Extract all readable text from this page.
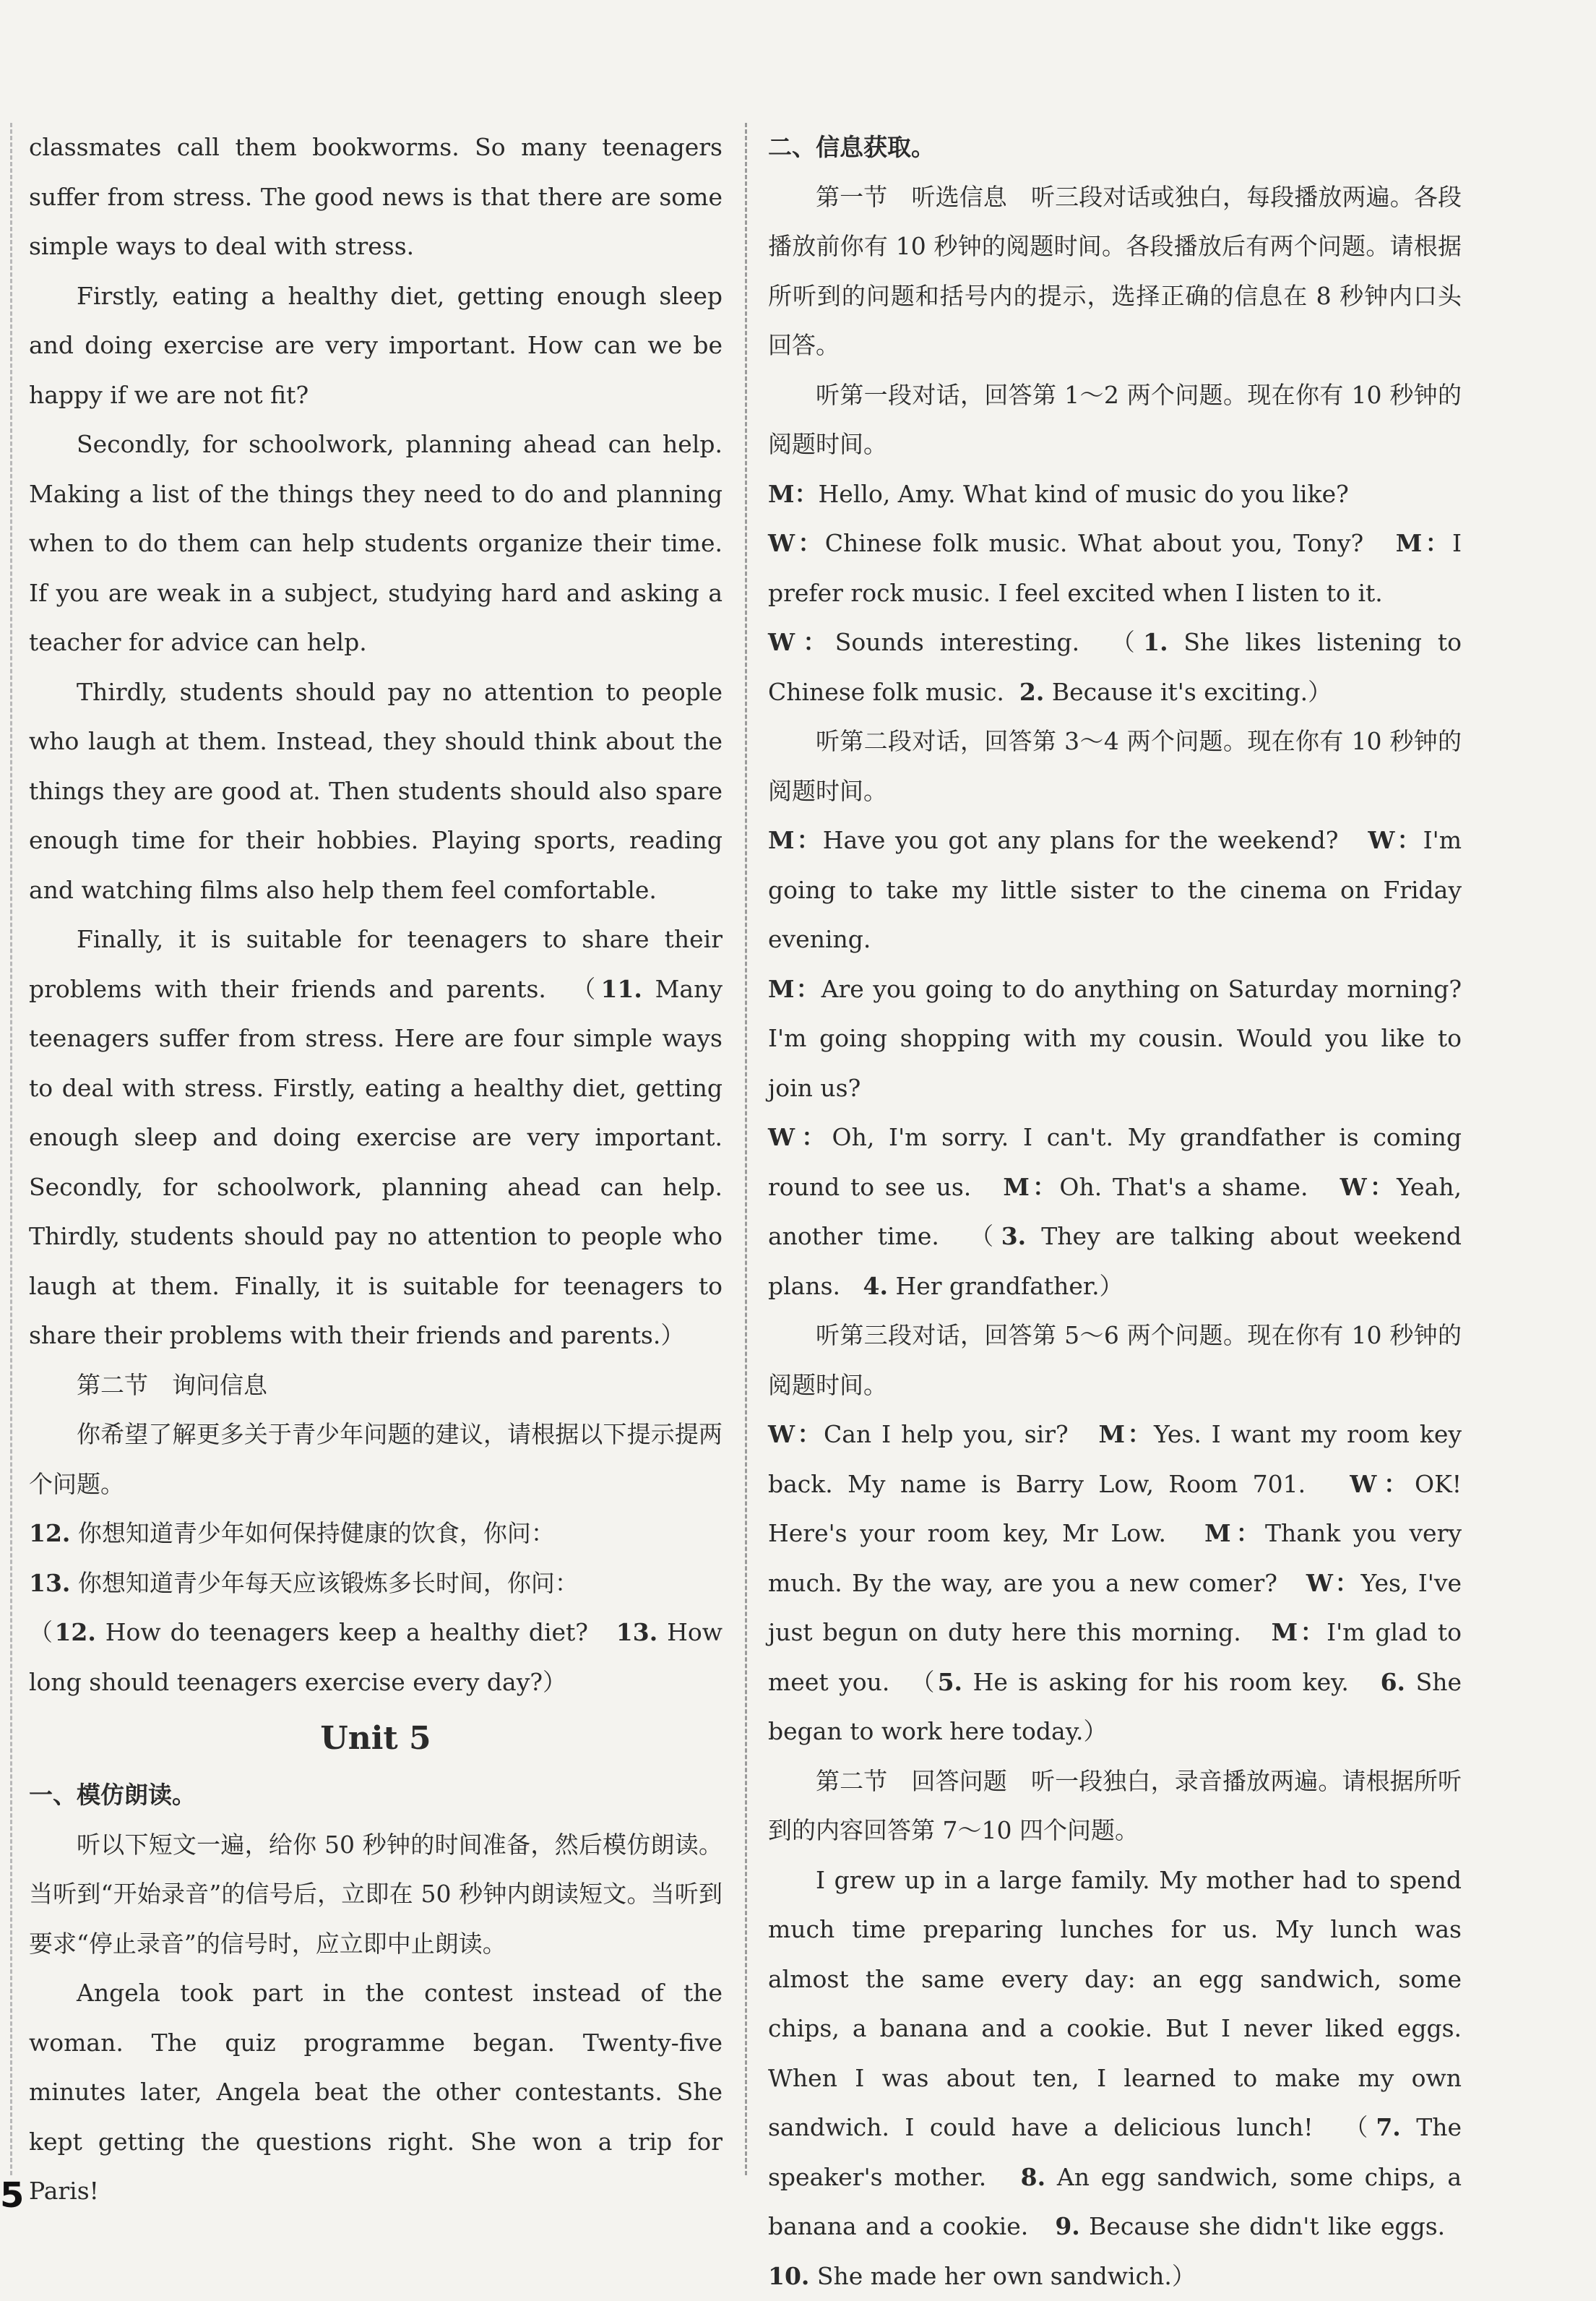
classmates call them bookworms. So many teenagers suffer from stress. The good news is that there are some simple ways to deal with stress.

Firstly, eating a healthy diet, getting enough sleep and doing exercise are very important. How can we be happy if we are not fit?

Secondly, for schoolwork, planning ahead can help. Making a list of the things they need to do and planning when to do them can help students organize their time. If you are weak in a subject, studying hard and asking a teacher for advice can help.

Thirdly, students should pay no attention to people who laugh at them. Instead, they should think about the things they are good at. Then students should also spare enough time for their hobbies. Playing sports, reading and watching films also help them feel comfortable.

Finally, it is suitable for teenagers to share their problems with their friends and parents.  （11. Many teenagers suffer from stress. Here are four simple ways to deal with stress. Firstly, eating a healthy diet, getting enough sleep and doing exercise are very important. Secondly, for schoolwork, planning ahead can help. Thirdly, students should pay no attention to people who laugh at them. Finally, it is suitable for teenagers to share their problems with their friends and parents.）

第二节　询问信息

你希望了解更多关于青少年问题的建议，请根据以下提示提两个问题。

12. 你想知道青少年如何保持健康的饮食，你问：

13. 你想知道青少年每天应该锻炼多长时间，你问：

（12. How do teenagers keep a healthy diet?   13. How long should teenagers exercise every day?）

Unit 5

一、模仿朗读。

听以下短文一遍，给你 50 秒钟的时间准备，然后模仿朗读。当听到“开始录音”的信号后，立即在 50 秒钟内朗读短文。当听到要求“停止录音”的信号时，应立即中止朗读。

Angela took part in the contest instead of the woman. The quiz programme began. Twenty-five minutes later, Angela beat the other contestants. She kept getting the questions right. She won a trip for Paris!

二、信息获取。

第一节　听选信息　听三段对话或独白，每段播放两遍。各段播放前你有 10 秒钟的阅题时间。各段播放后有两个问题。请根据所听到的问题和括号内的提示，选择正确的信息在 8 秒钟内口头回答。

听第一段对话，回答第 1～2 两个问题。现在你有 10 秒钟的阅题时间。

M：Hello, Amy. What kind of music do you like?

W：Chinese folk music. What about you, Tony?   M：I prefer rock music. I feel excited when I listen to it.

W：Sounds interesting.  （1. She likes listening to Chinese folk music.  2. Because it's exciting.）

听第二段对话，回答第 3～4 两个问题。现在你有 10 秒钟的阅题时间。

M：Have you got any plans for the weekend?   W：I'm going to take my little sister to the cinema on Friday evening.

M：Are you going to do anything on Saturday morning? I'm going shopping with my cousin. Would you like to join us?

W：Oh, I'm sorry. I can't. My grandfather is coming round to see us.   M：Oh. That's a shame.   W：Yeah, another time.  （3. They are talking about weekend plans.   4. Her grandfather.）

听第三段对话，回答第 5～6 两个问题。现在你有 10 秒钟的阅题时间。

W：Can I help you, sir?   M：Yes. I want my room key back. My name is Barry Low, Room 701.   W：OK! Here's your room key, Mr Low.   M：Thank you very much. By the way, are you a new comer?   W：Yes, I've just begun on duty here this morning.   M：I'm glad to meet you.  （5. He is asking for his room key.   6. She began to work here today.）

第二节　回答问题　听一段独白，录音播放两遍。请根据所听到的内容回答第 7～10 四个问题。

I grew up in a large family. My mother had to spend much time preparing lunches for us. My lunch was almost the same every day: an egg sandwich, some chips, a banana and a cookie. But I never liked eggs. When I was about ten, I learned to make my own sandwich. I could have a delicious lunch!  （7. The speaker's mother.   8. An egg sandwich, some chips, a banana and a cookie.   9. Because she didn't like eggs.   10. She made her own sandwich.）

5
